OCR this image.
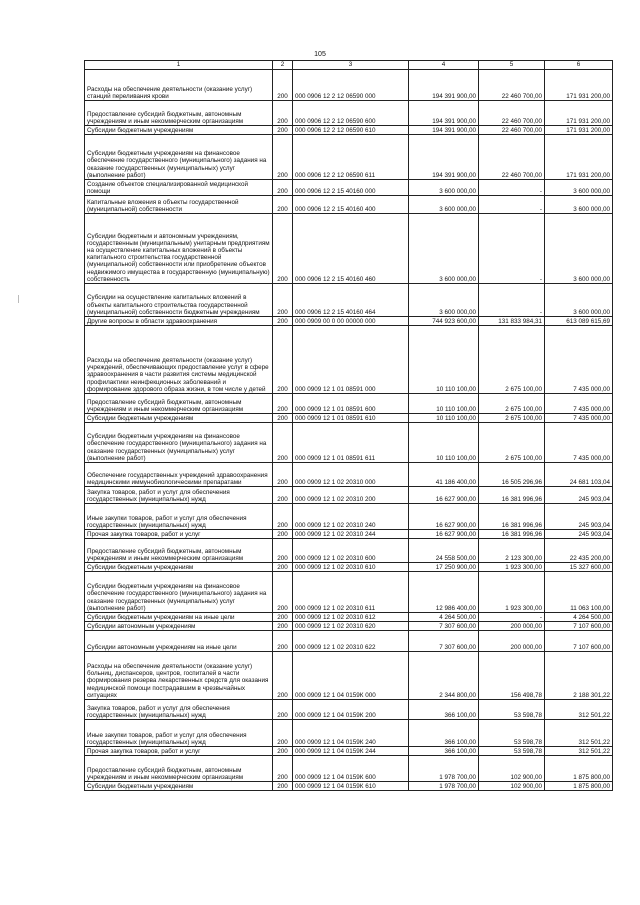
105
1	2	3	4	5	6
Расходы на обеспечение деятельности (оказание услуг) станций переливания крови	200	000 0906 12 2 12 06590 000	194 391 900,00	22 460 700,00	171 931 200,00
Предоставление субсидий бюджетным, автономным учреждениям и иным некоммерческим организациям	200	000 0906 12 2 12 06590 600	194 391 900,00	22 460 700,00	171 931 200,00
Субсидии бюджетным учреждениям	200	000 0906 12 2 12 06590 610	194 391 900,00	22 460 700,00	171 931 200,00
Субсидии бюджетным учреждениям на финансовое обеспечение государственного (муниципального) задания на оказание государственных (муниципальных) услуг (выполнение работ)	200	000 0906 12 2 12 06590 611	194 391 900,00	22 460 700,00	171 931 200,00
Создание объектов специализированной медицинской помощи	200	000 0906 12 2 15 40160 000	3 600 000,00	-	3 600 000,00
Капитальные вложения в объекты государственной (муниципальной) собственности	200	000 0906 12 2 15 40160 400	3 600 000,00	-	3 600 000,00
Субсидии бюджетным и автономным учреждениям, государственным (муниципальным) унитарным предприятиям на осуществление капитальных вложений в объекты капитального строительства государственной (муниципальной) собственности или приобретение объектов недвижимого имущества в государственную (муниципальную) собственность	200	000 0906 12 2 15 40160 460	3 600 000,00	-	3 600 000,00
Субсидии на осуществление капитальных вложений в объекты капитального строительства государственной (муниципальной) собственности бюджетным учреждениям	200	000 0906 12 2 15 40160 464	3 600 000,00	-	3 600 000,00
Другие вопросы в области здравоохранения	200	000 0909 00 0 00 00000 000	744 923 600,00	131 833 984,31	613 089 615,69
Расходы на обеспечение деятельности (оказание услуг) учреждений, обеспечивающих предоставление услуг в сфере здравоохранения в части развития системы медицинской профилактики неинфекционных заболеваний и формирование здорового образа жизни, в том числе у детей	200	000 0909 12 1 01 08591 000	10 110 100,00	2 675 100,00	7 435 000,00
Предоставление субсидий бюджетным, автономным учреждениям и иным некоммерческим организациям	200	000 0909 12 1 01 08591 600	10 110 100,00	2 675 100,00	7 435 000,00
Субсидии бюджетным учреждениям	200	000 0909 12 1 01 08591 610	10 110 100,00	2 675 100,00	7 435 000,00
Субсидии бюджетным учреждениям на финансовое обеспечение государственного (муниципального) задания на оказание государственных (муниципальных) услуг (выполнение работ)	200	000 0909 12 1 01 08591 611	10 110 100,00	2 675 100,00	7 435 000,00
Обеспечение государственных учреждений здравоохранения медицинскими иммунобиологическими препаратами	200	000 0909 12 1 02 20310 000	41 186 400,00	16 505 296,96	24 681 103,04
Закупка товаров, работ и услуг для обеспечения государственных (муниципальных) нужд	200	000 0909 12 1 02 20310 200	16 627 900,00	16 381 996,96	245 903,04
Иные закупки товаров, работ и услуг для обеспечения государственных (муниципальных) нужд	200	000 0909 12 1 02 20310 240	16 627 900,00	16 381 996,96	245 903,04
Прочая закупка товаров, работ и услуг	200	000 0909 12 1 02 20310 244	16 627 900,00	16 381 996,96	245 903,04
Предоставление субсидий бюджетным, автономным учреждениям и иным некоммерческим организациям	200	000 0909 12 1 02 20310 600	24 558 500,00	2 123 300,00	22 435 200,00
Субсидии бюджетным учреждениям	200	000 0909 12 1 02 20310 610	17 250 900,00	1 923 300,00	15 327 600,00
Субсидии бюджетным учреждениям на финансовое обеспечение государственного (муниципального) задания на оказание государственных (муниципальных) услуг (выполнение работ)	200	000 0909 12 1 02 20310 611	12 986 400,00	1 923 300,00	11 063 100,00
Субсидии бюджетным учреждениям на иные цели	200	000 0909 12 1 02 20310 612	4 264 500,00	-	4 264 500,00
Субсидии автономным учреждениям	200	000 0909 12 1 02 20310 620	7 307 600,00	200 000,00	7 107 600,00
Субсидии автономным учреждениям на иные цели	200	000 0909 12 1 02 20310 622	7 307 600,00	200 000,00	7 107 600,00
Расходы на обеспечение деятельности (оказание услуг) больниц, диспансеров, центров, госпиталей в части формирования резерва лекарственных средств для оказания медицинской помощи пострадавшим в чрезвычайных ситуациях	200	000 0909 12 1 04 0159К 000	2 344 800,00	156 498,78	2 188 301,22
Закупка товаров, работ и услуг для обеспечения государственных (муниципальных) нужд	200	000 0909 12 1 04 0159К 200	366 100,00	53 598,78	312 501,22
Иные закупки товаров, работ и услуг для обеспечения государственных (муниципальных) нужд	200	000 0909 12 1 04 0159К 240	366 100,00	53 598,78	312 501,22
Прочая закупка товаров, работ и услуг	200	000 0909 12 1 04 0159К 244	366 100,00	53 598,78	312 501,22
Предоставление субсидий бюджетным, автономным учреждениям и иным некоммерческим организациям	200	000 0909 12 1 04 0159К 600	1 978 700,00	102 900,00	1 875 800,00
Субсидии бюджетным учреждениям	200	000 0909 12 1 04 0159К 610	1 978 700,00	102 900,00	1 875 800,00
